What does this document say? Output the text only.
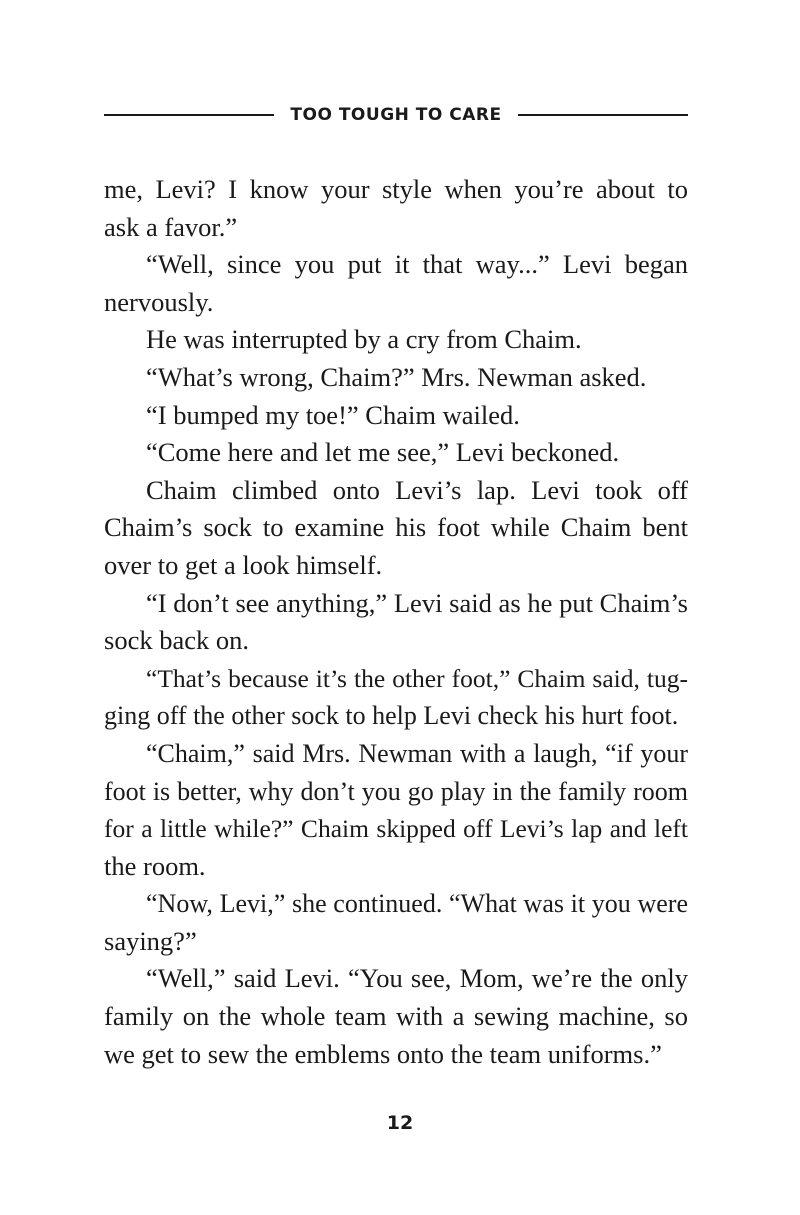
TOO TOUGH TO CARE
me, Levi? I know your style when you’re about to
ask a favor.”
“Well, since you put it that way...” Levi began
nervously.
He was interrupted by a cry from Chaim.
“What’s wrong, Chaim?” Mrs. Newman asked.
“I bumped my toe!” Chaim wailed.
“Come here and let me see,” Levi beckoned.
Chaim climbed onto Levi’s lap. Levi took off
Chaim’s sock to examine his foot while Chaim bent
over to get a look himself.
“I don’t see anything,” Levi said as he put Chaim’s
sock back on.
“That’s because it’s the other foot,” Chaim said, tug-
ging off the other sock to help Levi check his hurt foot.
“Chaim,” said Mrs. Newman with a laugh, “if your
foot is better, why don’t you go play in the family room
for a little while?” Chaim skipped off Levi’s lap and left
the room.
“Now, Levi,” she continued. “What was it you were
saying?”
“Well,” said Levi. “You see, Mom, we’re the only
family on the whole team with a sewing machine, so
we get to sew the emblems onto the team uniforms.”
12
